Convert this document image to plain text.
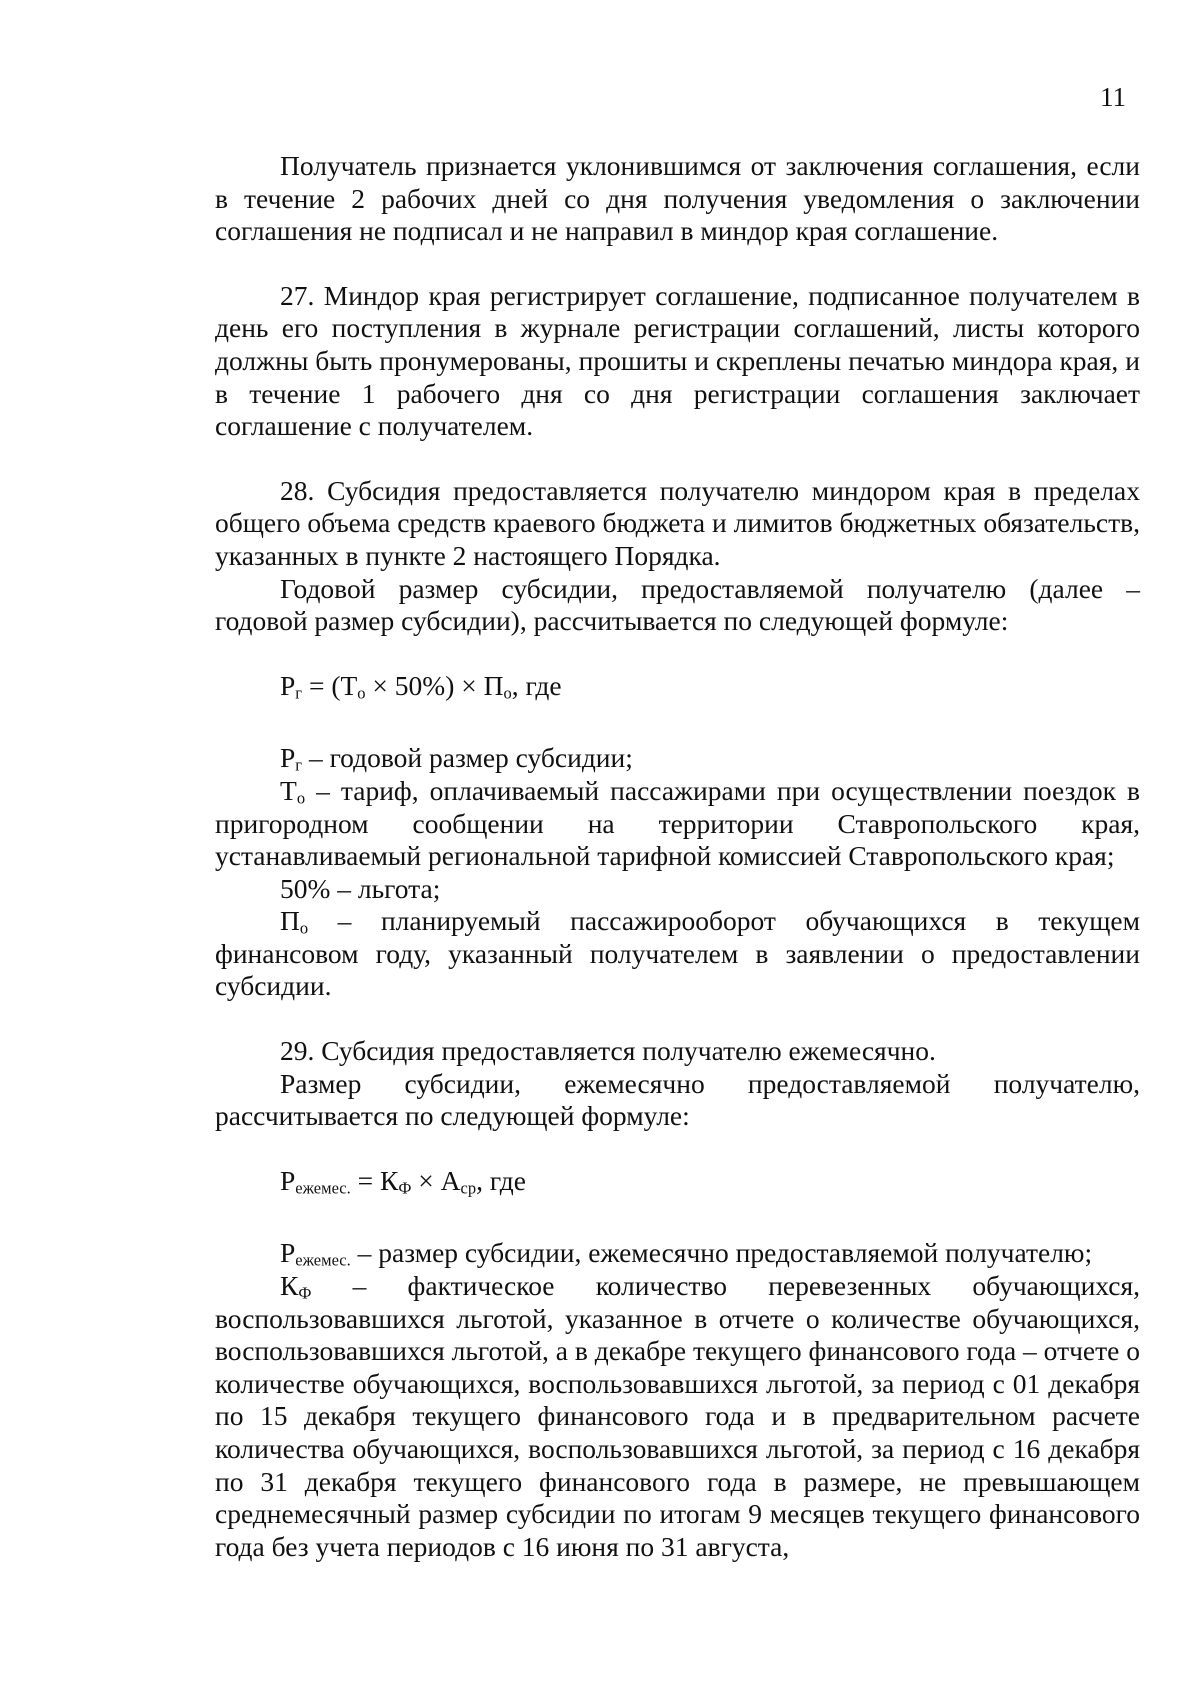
11

Получатель признается уклонившимся от заключения соглашения, если в течение 2 рабочих дней со дня получения уведомления о заключении соглашения не подписал и не направил в миндор края соглашение.

27. Миндор края регистрирует соглашение, подписанное получателем в день его поступления в журнале регистрации соглашений, листы которого должны быть пронумерованы, прошиты и скреплены печатью миндора края, и в течение 1 рабочего дня со дня регистрации соглашения заключает соглашение с получателем.

28. Субсидия предоставляется получателю миндором края в пределах общего объема средств краевого бюджета и лимитов бюджетных обязательств, указанных в пункте 2 настоящего Порядка.

Годовой размер субсидии, предоставляемой получателю (далее – годовой размер субсидии), рассчитывается по следующей формуле:

$Р_г = (Т_о \times 50\%) \times П_о$, где

$Р_г$ – годовой размер субсидии;

$Т_о$ – тариф, оплачиваемый пассажирами при осуществлении поездок в пригородном сообщении на территории Ставропольского края, устанавливаемый региональной тарифной комиссией Ставропольского края;

50% – льгота;

$П_о$ – планируемый пассажирооборот обучающихся в текущем финансовом году, указанный получателем в заявлении о предоставлении субсидии.

29. Субсидия предоставляется получателю ежемесячно.

Размер субсидии, ежемесячно предоставляемой получателю, рассчитывается по следующей формуле:

$Р_{ежемес.} = К_Ф \times А_{ср}$, где

$Р_{ежемес.}$ – размер субсидии, ежемесячно предоставляемой получателю;

$К_Ф$ – фактическое количество перевезенных обучающихся, воспользовавшихся льготой, указанное в отчете о количестве обучающихся, воспользовавшихся льготой, а в декабре текущего финансового года – отчете о количестве обучающихся, воспользовавшихся льготой, за период с 01 декабря по 15 декабря текущего финансового года и в предварительном расчете количества обучающихся, воспользовавшихся льготой, за период с 16 декабря по 31 декабря текущего финансового года в размере, не превышающем среднемесячный размер субсидии по итогам 9 месяцев текущего финансового года без учета периодов с 16 июня по 31 августа,
